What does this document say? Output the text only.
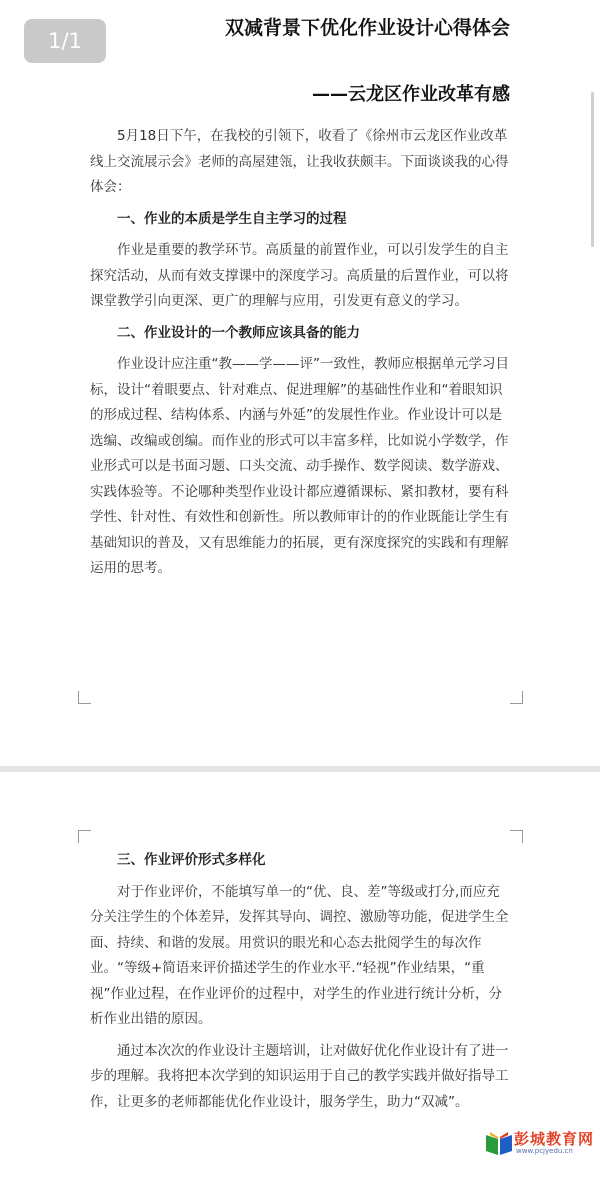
1/1
双减背景下优化作业设计心得体会
——云龙区作业改革有感

5月18日下午，在我校的引领下，收看了《徐州市云龙区作业改革线上交流展示会》老师的高屋建瓴，让我收获颇丰。下面谈谈我的心得体会：

一、作业的本质是学生自主学习的过程

作业是重要的教学环节。高质量的前置作业，可以引发学生的自主探究活动，从而有效支撑课中的深度学习。高质量的后置作业，可以将课堂教学引向更深、更广的理解与应用，引发更有意义的学习。

二、作业设计的一个教师应该具备的能力

作业设计应注重“教——学——评”一致性，教师应根据单元学习目标，设计“着眼要点、针对难点、促进理解”的基础性作业和“着眼知识的形成过程、结构体系、内涵与外延”的发展性作业。作业设计可以是选编、改编或创编。而作业的形式可以丰富多样，比如说小学数学，作业形式可以是书面习题、口头交流、动手操作、数学阅读、数学游戏、实践体验等。不论哪种类型作业设计都应遵循课标、紧扣教材，要有科学性、针对性、有效性和创新性。所以教师审计的的作业既能让学生有基础知识的普及，又有思维能力的拓展，更有深度探究的实践和有理解运用的思考。

三、作业评价形式多样化

对于作业评价，不能填写单一的“优、良、差”等级或打分,而应充分关注学生的个体差异，发挥其导向、调控、激励等功能，促进学生全面、持续、和谐的发展。用赏识的眼光和心态去批阅学生的每次作业。“等级+简语来评价描述学生的作业水平.“轻视”作业结果，“重视”作业过程，在作业评价的过程中，对学生的作业进行统计分析，分析作业出错的原因。

通过本次次的作业设计主题培训，让对做好优化作业设计有了进一步的理解。我将把本次学到的知识运用于自己的教学实践并做好指导工作，让更多的老师都能优化作业设计，服务学生，助力“双减”。

彭城教育网
www.pcjyedu.cn
